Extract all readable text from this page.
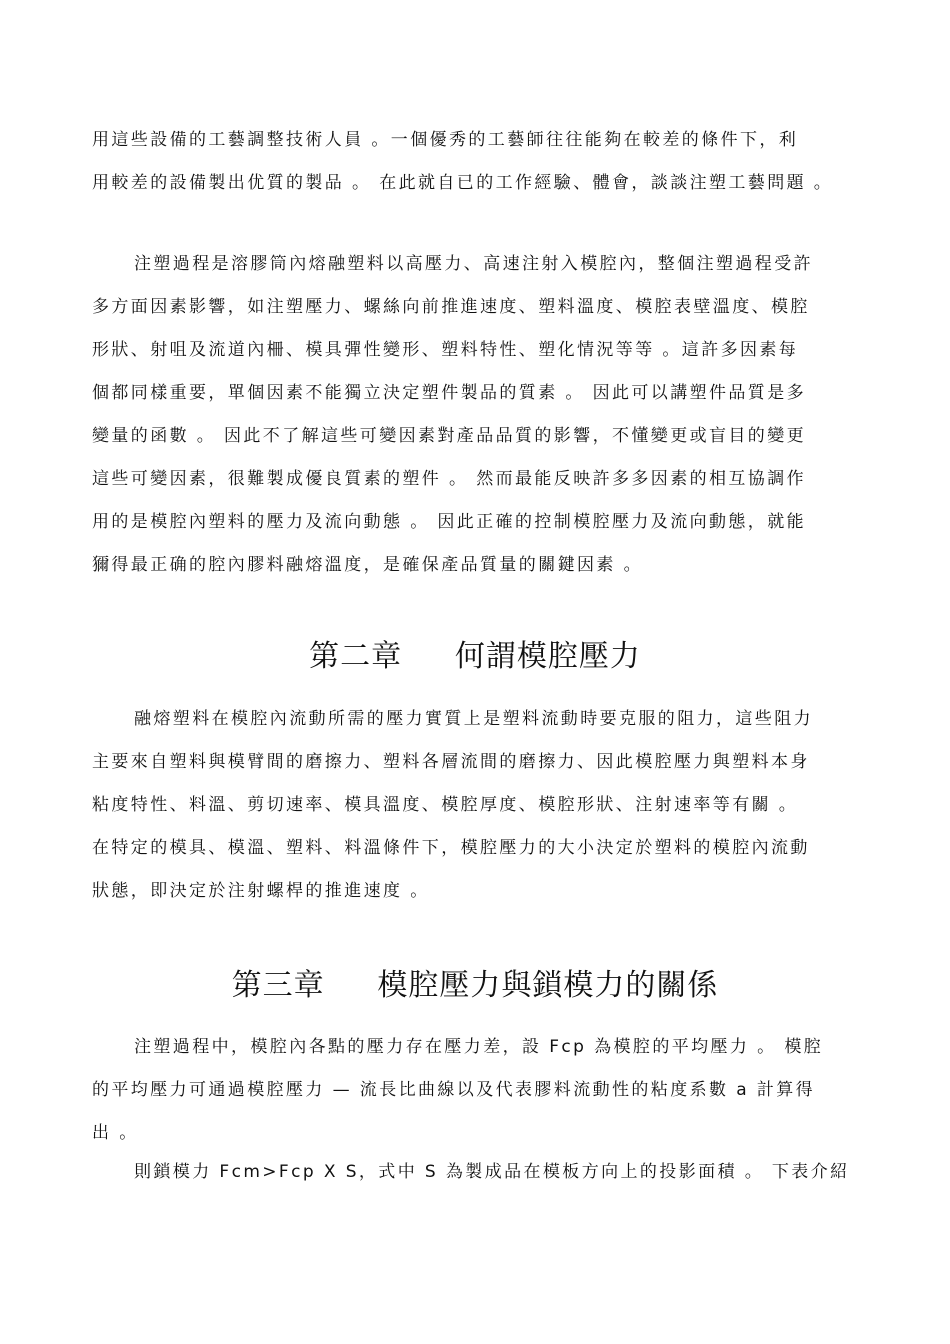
用這些設備的工藝調整技術人員 。一個優秀的工藝師往往能夠在較差的條件下，利
用較差的設備製出优質的製品 。 在此就自已的工作經驗、體會，談談注塑工藝問題 。
注塑過程是溶膠筒內熔融塑料以高壓力、高速注射入模腔內，整個注塑過程受許
多方面因素影響，如注塑壓力、螺絲向前推進速度、塑料溫度、模腔表壁溫度、模腔
形狀、射咀及流道內柵、模具彈性變形、塑料特性、塑化情況等等 。這許多因素每
個都同樣重要，單個因素不能獨立決定塑件製品的質素 。 因此可以講塑件品質是多
變量的函數 。 因此不了解這些可變因素對產品品質的影響，不懂變更或盲目的變更
這些可變因素，很難製成優良質素的塑件 。 然而最能反映許多多因素的相互協調作
用的是模腔內塑料的壓力及流向動態 。 因此正確的控制模腔壓力及流向動態，就能
獮得最正确的腔內膠料融熔溫度，是確保產品質量的關鍵因素 。
第二章     何謂模腔壓力
融熔塑料在模腔內流動所需的壓力實質上是塑料流動時要克服的阻力，這些阻力
主要來自塑料與模臂間的磨擦力、塑料各層流間的磨擦力、因此模腔壓力與塑料本身
粘度特性、料溫、剪切速率、模具溫度、模腔厚度、模腔形狀、注射速率等有關 。
在特定的模具、模溫、塑料、料溫條件下，模腔壓力的大小決定於塑料的模腔內流動
狀態，即決定於注射螺桿的推進速度 。
第三章     模腔壓力與鎖模力的關係
注塑過程中，模腔內各點的壓力存在壓力差，設 Fcp 為模腔的平均壓力 。 模腔
的平均壓力可通過模腔壓力 — 流長比曲線以及代表膠料流動性的粘度系數 a 計算得
出 。
則鎖模力 Fcm>Fcp X S，式中 S 為製成品在模板方向上的投影面積 。 下表介紹
